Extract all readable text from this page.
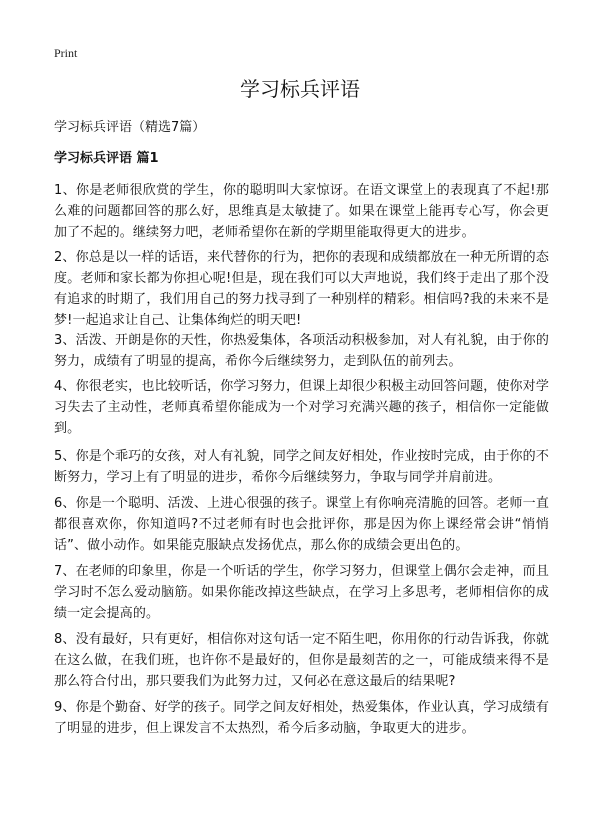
Print
学习标兵评语
学习标兵评语（精选7篇）
学习标兵评语 篇1

1、你是老师很欣赏的学生，你的聪明叫大家惊讶。在语文课堂上的表现真了不起!那么难的问题都回答的那么好，思维真是太敏捷了。如果在课堂上能再专心写，你会更加了不起的。继续努力吧，老师希望你在新的学期里能取得更大的进步。

2、你总是以一样的话语，来代替你的行为，把你的表现和成绩都放在一种无所谓的态度。老师和家长都为你担心呢!但是，现在我们可以大声地说，我们终于走出了那个没有追求的时期了，我们用自己的努力找寻到了一种别样的精彩。相信吗?我的未来不是梦!一起追求让自己、让集体绚烂的明天吧!

3、活泼、开朗是你的天性，你热爱集体，各项活动积极参加，对人有礼貌，由于你的努力，成绩有了明显的提高，希你今后继续努力，走到队伍的前列去。

4、你很老实，也比较听话，你学习努力，但课上却很少积极主动回答问题，使你对学习失去了主动性，老师真希望你能成为一个对学习充满兴趣的孩子，相信你一定能做到。

5、你是个乖巧的女孩，对人有礼貌，同学之间友好相处，作业按时完成，由于你的不断努力，学习上有了明显的进步，希你今后继续努力，争取与同学并肩前进。

6、你是一个聪明、活泼、上进心很强的孩子。课堂上有你响亮清脆的回答。老师一直都很喜欢你，你知道吗?不过老师有时也会批评你，那是因为你上课经常会讲“悄悄话”、做小动作。如果能克服缺点发扬优点，那么你的成绩会更出色的。

7、在老师的印象里，你是一个听话的学生，你学习努力，但课堂上偶尔会走神，而且学习时不怎么爱动脑筋。如果你能改掉这些缺点，在学习上多思考，老师相信你的成绩一定会提高的。

8、没有最好，只有更好，相信你对这句话一定不陌生吧，你用你的行动告诉我，你就在这么做，在我们班，也许你不是最好的，但你是最刻苦的之一，可能成绩来得不是那么符合付出，那只要我们为此努力过，又何必在意这最后的结果呢?

9、你是个勤奋、好学的孩子。同学之间友好相处，热爱集体，作业认真，学习成绩有了明显的进步，但上课发言不太热烈，希今后多动脑，争取更大的进步。
